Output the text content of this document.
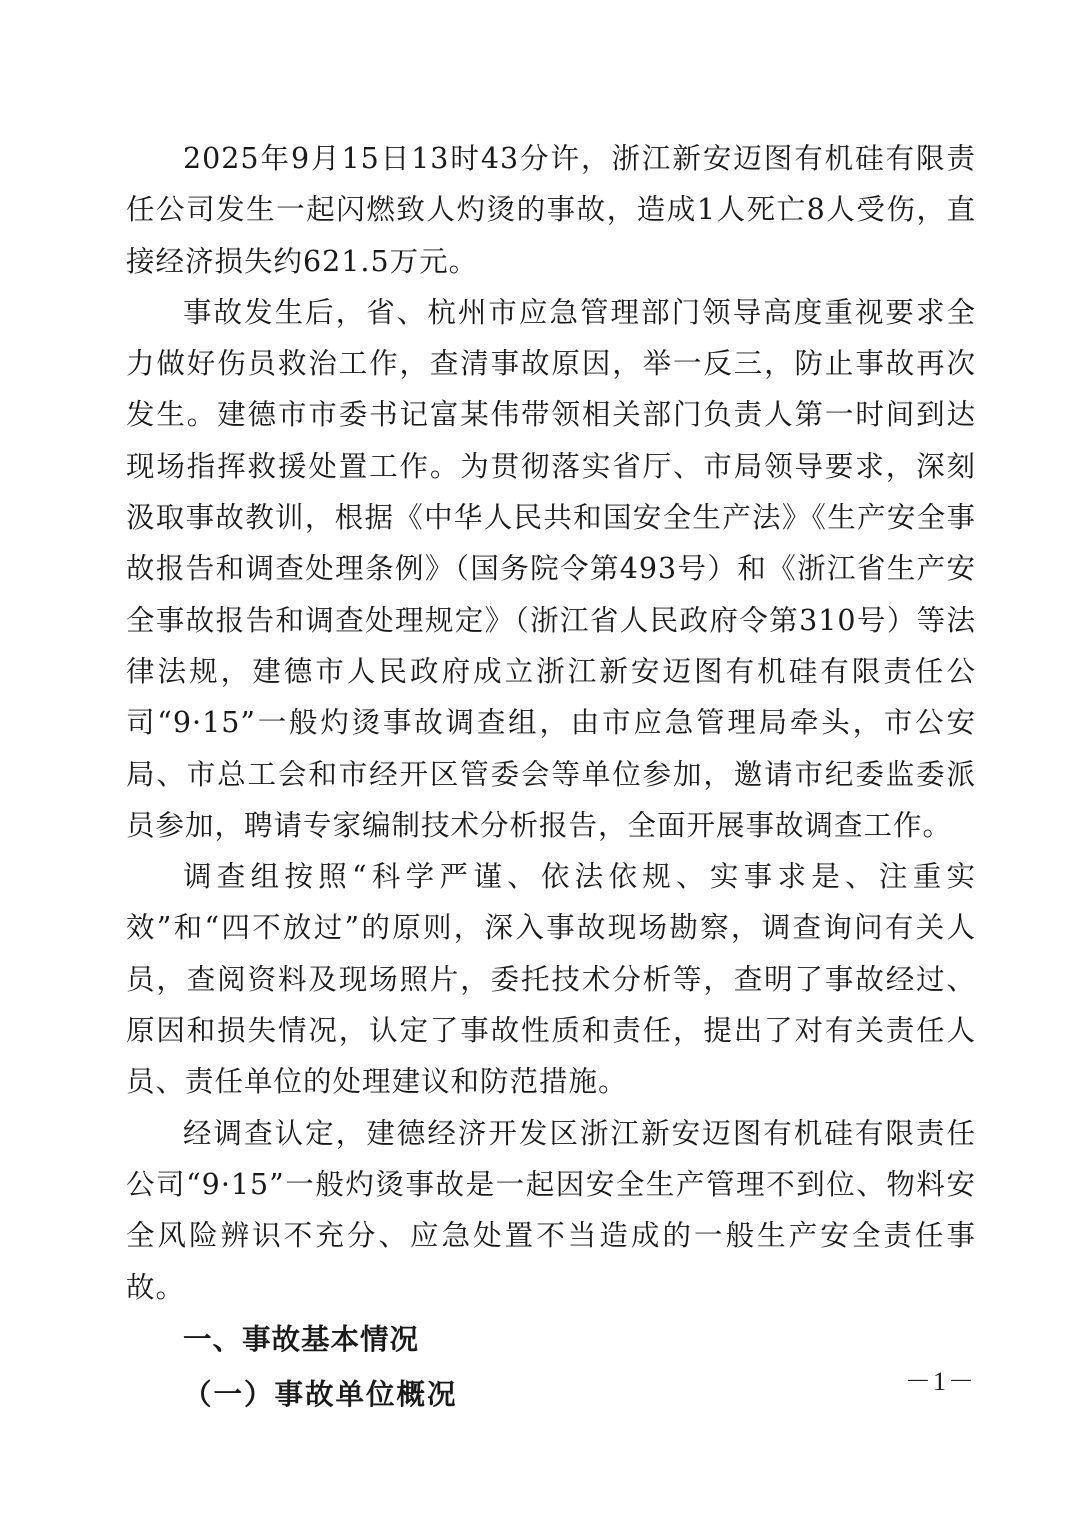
2025年9月15日13时43分许，浙江新安迈图有机硅有限责任公司发生一起闪燃致人灼烫的事故，造成1人死亡8人受伤，直接经济损失约621.5万元。

事故发生后，省、杭州市应急管理部门领导高度重视要求全力做好伤员救治工作，查清事故原因，举一反三，防止事故再次发生。建德市市委书记富某伟带领相关部门负责人第一时间到达现场指挥救援处置工作。为贯彻落实省厅、市局领导要求，深刻汲取事故教训，根据《中华人民共和国安全生产法》《生产安全事故报告和调查处理条例》（国务院令第493号）和《浙江省生产安全事故报告和调查处理规定》（浙江省人民政府令第310号）等法律法规，建德市人民政府成立浙江新安迈图有机硅有限责任公司“9·15”一般灼烫事故调查组，由市应急管理局牵头，市公安局、市总工会和市经开区管委会等单位参加，邀请市纪委监委派员参加，聘请专家编制技术分析报告，全面开展事故调查工作。

调查组按照“科学严谨、依法依规、实事求是、注重实效”和“四不放过”的原则，深入事故现场勘察，调查询问有关人员，查阅资料及现场照片，委托技术分析等，查明了事故经过、原因和损失情况，认定了事故性质和责任，提出了对有关责任人员、责任单位的处理建议和防范措施。

经调查认定，建德经济开发区浙江新安迈图有机硅有限责任公司“9·15”一般灼烫事故是一起因安全生产管理不到位、物料安全风险辨识不充分、应急处置不当造成的一般生产安全责任事故。

一、事故基本情况

（一）事故单位概况	－1－
